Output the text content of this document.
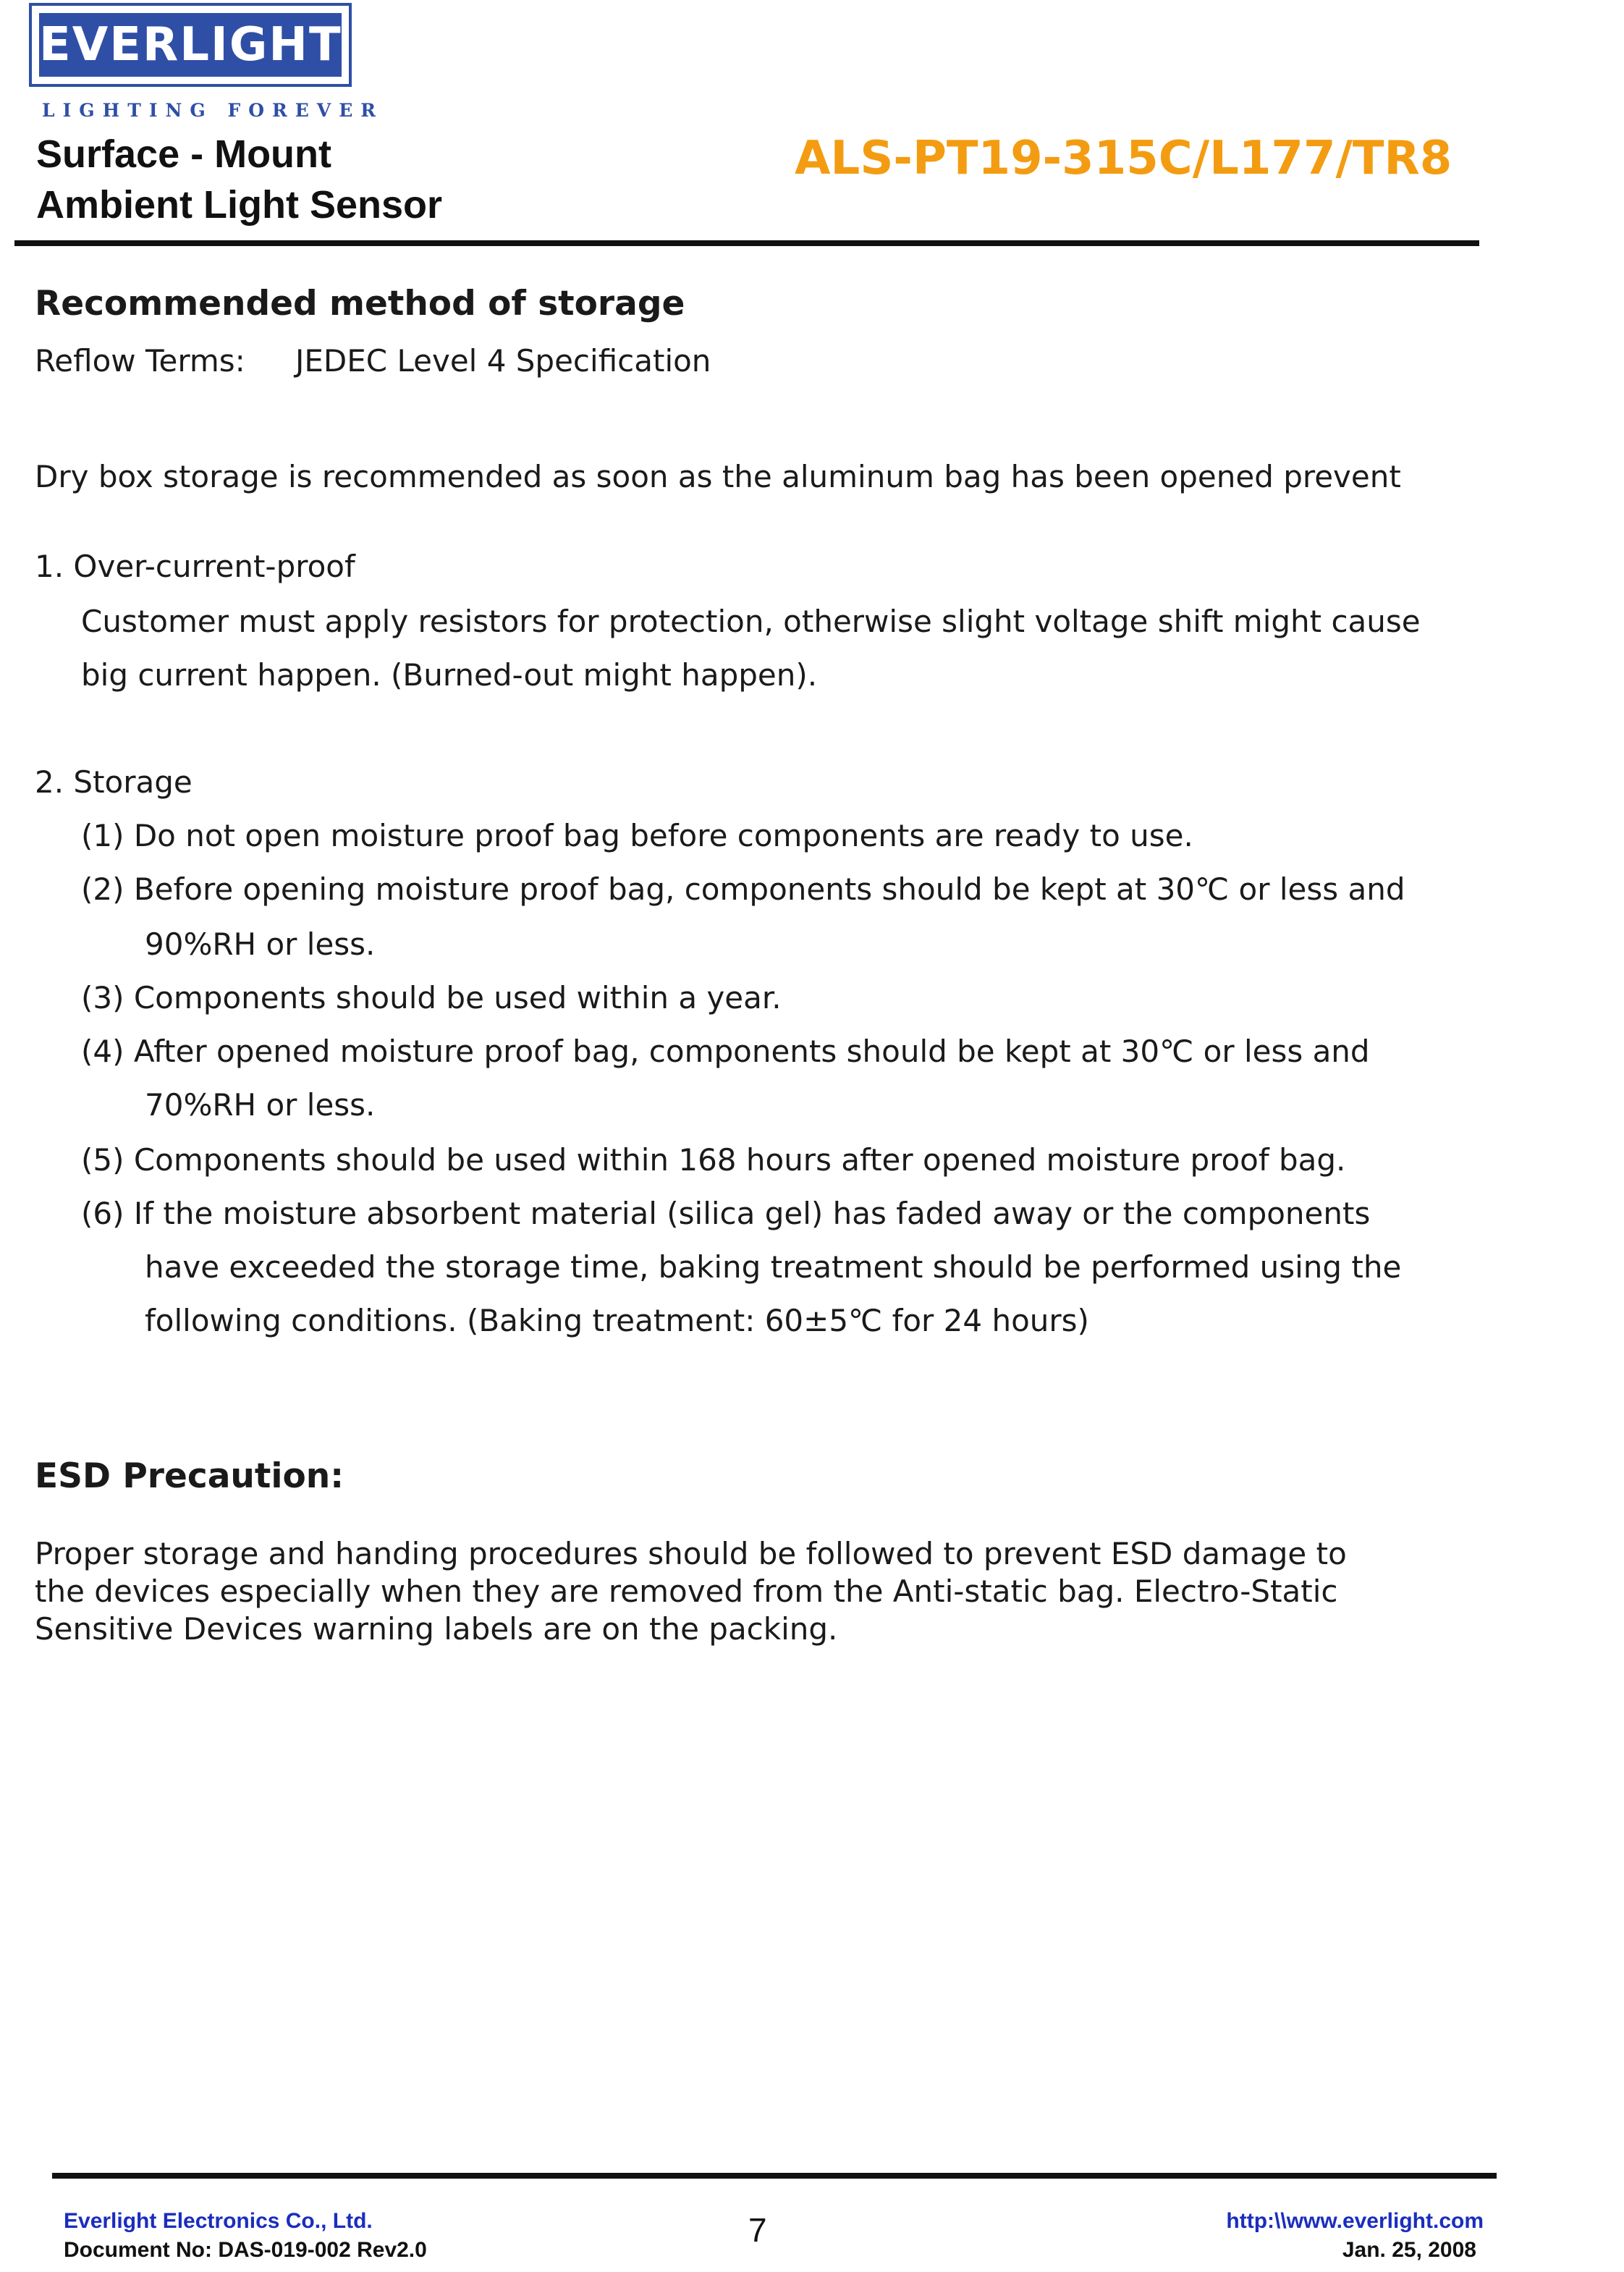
EVERLIGHT
LIGHTING FOREVER
Surface - Mount
Ambient Light Sensor
ALS-PT19-315C/L177/TR8
Recommended method of storage
Reflow Terms: JEDEC Level 4 Specification
Dry box storage is recommended as soon as the aluminum bag has been opened prevent
1. Over-current-proof
Customer must apply resistors for protection, otherwise slight voltage shift might cause
big current happen. (Burned-out might happen).
2. Storage
(1) Do not open moisture proof bag before components are ready to use.
(2) Before opening moisture proof bag, components should be kept at 30℃ or less and
90%RH or less.
(3) Components should be used within a year.
(4) After opened moisture proof bag, components should be kept at 30℃ or less and
70%RH or less.
(5) Components should be used within 168 hours after opened moisture proof bag.
(6) If the moisture absorbent material (silica gel) has faded away or the components
have exceeded the storage time, baking treatment should be performed using the
following conditions. (Baking treatment: 60±5℃ for 24 hours)
ESD Precaution:
Proper storage and handing procedures should be followed to prevent ESD damage to
the devices especially when they are removed from the Anti-static bag. Electro-Static
Sensitive Devices warning labels are on the packing.
Everlight Electronics Co., Ltd.
Document No: DAS-019-002 Rev2.0
7	http:\\www.everlight.com
Jan. 25, 2008
